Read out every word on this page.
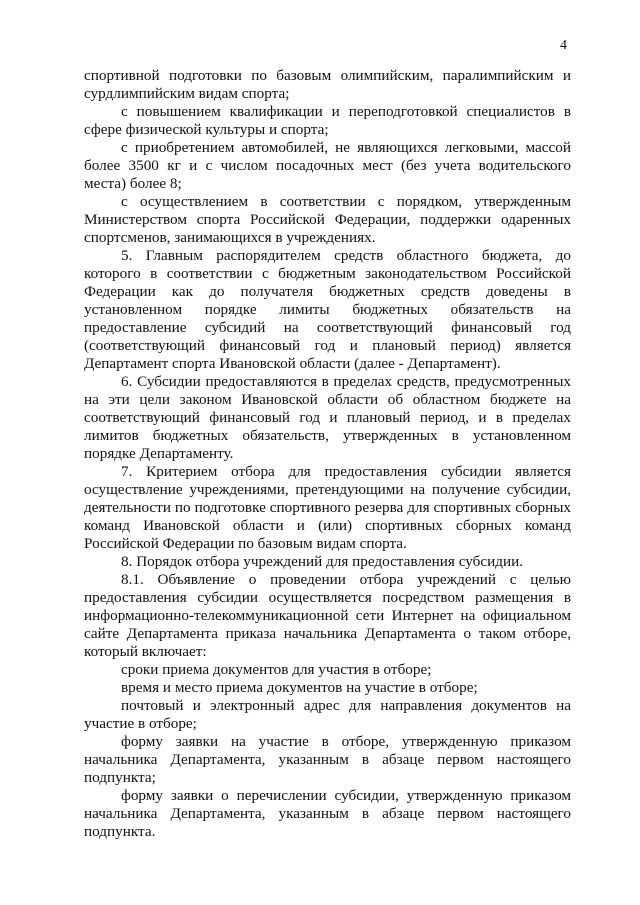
4

спортивной подготовки по базовым олимпийским, паралимпийским и сурдлимпийским видам спорта;

с повышением квалификации и переподготовкой специалистов в сфере физической культуры и спорта;

с приобретением автомобилей, не являющихся легковыми, массой более 3500 кг и с числом посадочных мест (без учета водительского места) более 8;

с осуществлением в соответствии с порядком, утвержденным Министерством спорта Российской Федерации, поддержки одаренных спортсменов, занимающихся в учреждениях.

5. Главным распорядителем средств областного бюджета, до которого в соответствии с бюджетным законодательством Российской Федерации как до получателя бюджетных средств доведены в установленном порядке лимиты бюджетных обязательств на предоставление субсидий на соответствующий финансовый год (соответствующий финансовый год и плановый период) является Департамент спорта Ивановской области (далее - Департамент).

6. Субсидии предоставляются в пределах средств, предусмотренных на эти цели законом Ивановской области об областном бюджете на соответствующий финансовый год и плановый период, и в пределах лимитов бюджетных обязательств, утвержденных в установленном порядке Департаменту.

7. Критерием отбора для предоставления субсидии является осуществление учреждениями, претендующими на получение субсидии, деятельности по подготовке спортивного резерва для спортивных сборных команд Ивановской области и (или) спортивных сборных команд Российской Федерации по базовым видам спорта.

8. Порядок отбора учреждений для предоставления субсидии.

8.1. Объявление о проведении отбора учреждений с целью предоставления субсидии осуществляется посредством размещения в информационно-телекоммуникационной сети Интернет на официальном сайте Департамента приказа начальника Департамента о таком отборе, который включает:

сроки приема документов для участия в отборе;

время и место приема документов на участие в отборе;

почтовый и электронный адрес для направления документов на участие в отборе;

форму заявки на участие в отборе, утвержденную приказом начальника Департамента, указанным в абзаце первом настоящего подпункта;

форму заявки о перечислении субсидии, утвержденную приказом начальника Департамента, указанным в абзаце первом настоящего подпункта.
